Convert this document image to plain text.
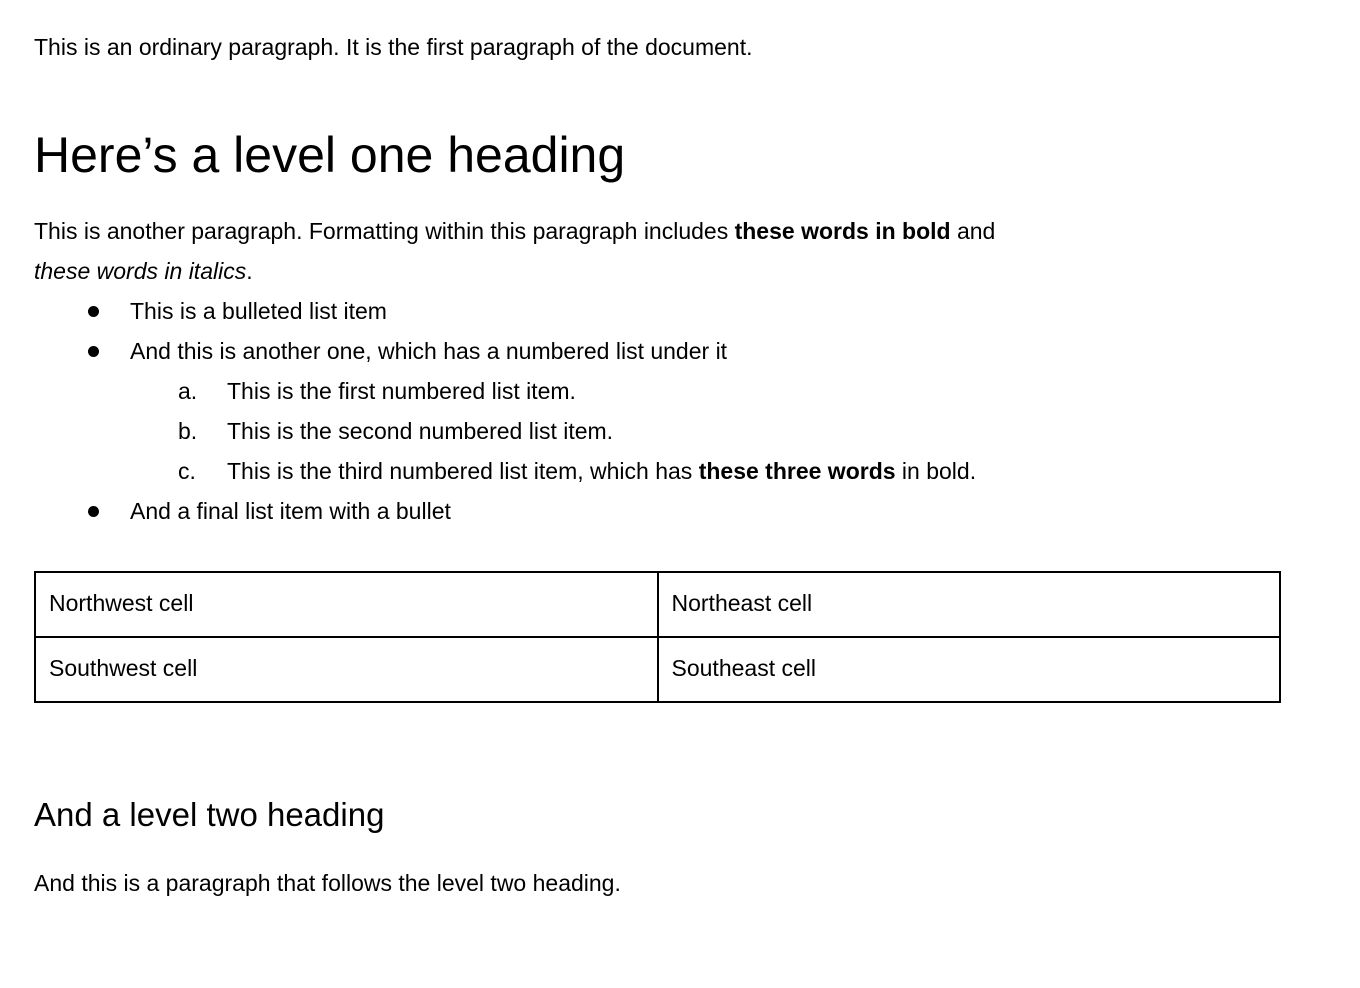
This is an ordinary paragraph. It is the first paragraph of the document.

Here’s a level one heading

This is another paragraph. Formatting within this paragraph includes these words in bold and
these words in italics.

This is a bulleted list item
And this is another one, which has a numbered list under it
a.	This is the first numbered list item.
b.	This is the second numbered list item.
c.	This is the third numbered list item, which has these three words in bold.
And a final list item with a bullet
Northwest cell	Northeast cell
Southwest cell	Southeast cell
And a level two heading

And this is a paragraph that follows the level two heading.
